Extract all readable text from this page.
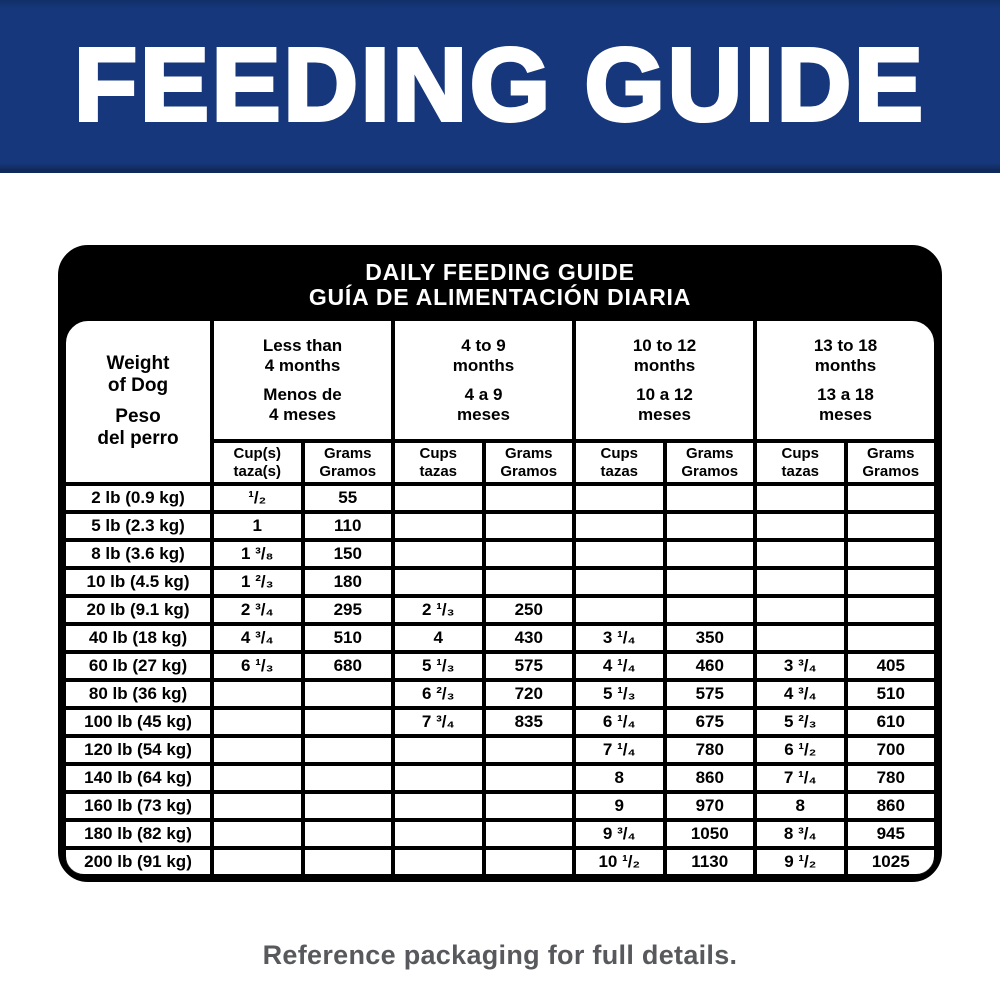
FEEDING GUIDE
DAILY FEEDING GUIDE
GUÍA DE ALIMENTACIÓN DIARIA
Weight
of Dog
Peso
del perro

Less than
4 months
Menos de
4 meses

4 to 9
months
4 a 9
meses

10 to 12
months
10 a 12
meses

13 to 18
months
13 a 18
meses

Cup(s)
taza(s)

Grams
Gramos

Cups
tazas

Grams
Gramos

Cups
tazas

Grams
Gramos

Cups
tazas

Grams
Gramos

2 lb (0.9 kg)	¹/₂	55						
5 lb (2.3 kg)	1	110						
8 lb (3.6 kg)	1 ³/₈	150						
10 lb (4.5 kg)	1 ²/₃	180						
20 lb (9.1 kg)	2 ³/₄	295	2 ¹/₃	250				
40 lb (18 kg)	4 ³/₄	510	4	430	3 ¹/₄	350		
60 lb (27 kg)	6 ¹/₃	680	5 ¹/₃	575	4 ¹/₄	460	3 ³/₄	405
80 lb (36 kg)			6 ²/₃	720	5 ¹/₃	575	4 ³/₄	510
100 lb (45 kg)			7 ³/₄	835	6 ¹/₄	675	5 ²/₃	610
120 lb (54 kg)					7 ¹/₄	780	6 ¹/₂	700
140 lb (64 kg)					8	860	7 ¹/₄	780
160 lb (73 kg)					9	970	8	860
180 lb (82 kg)					9 ³/₄	1050	8 ³/₄	945
200 lb (91 kg)					10 ¹/₂	1130	9 ¹/₂	1025

Reference packaging for full details.
